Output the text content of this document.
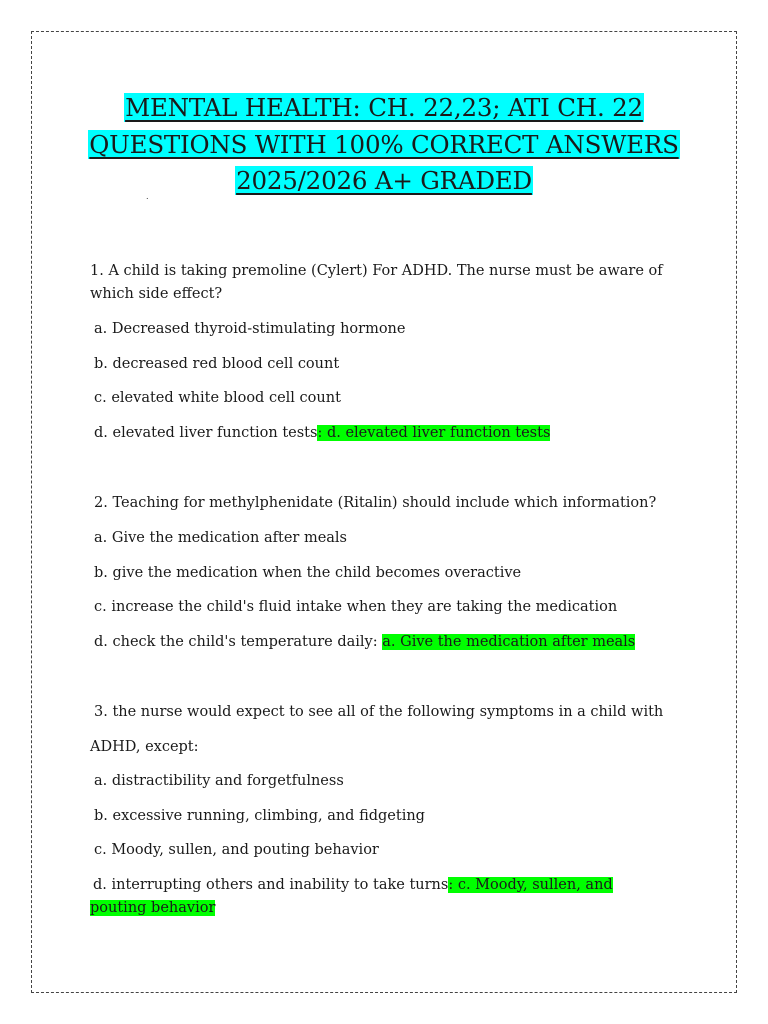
MENTAL HEALTH: CH. 22,23; ATI CH. 22
QUESTIONS WITH 100% CORRECT ANSWERS
2025/2026 A+ GRADED
.
1. A child is taking premoline (Cylert) For ADHD. The nurse must be aware of which side effect?
a. Decreased thyroid-stimulating hormone
b. decreased red blood cell count
c. elevated white blood cell count
d. elevated liver function tests: d. elevated liver function tests
2. Teaching for methylphenidate (Ritalin) should include which information?
a. Give the medication after meals
b. give the medication when the child becomes overactive
c. increase the child's fluid intake when they are taking the medication
d. check the child's temperature daily: a. Give the medication after meals
3. the nurse would expect to see all of the following symptoms in a child with
ADHD, except:
a. distractibility and forgetfulness
b. excessive running, climbing, and fidgeting
c. Moody, sullen, and pouting behavior
d. interrupting others and inability to take turns: c. Moody, sullen, and pouting behavior
